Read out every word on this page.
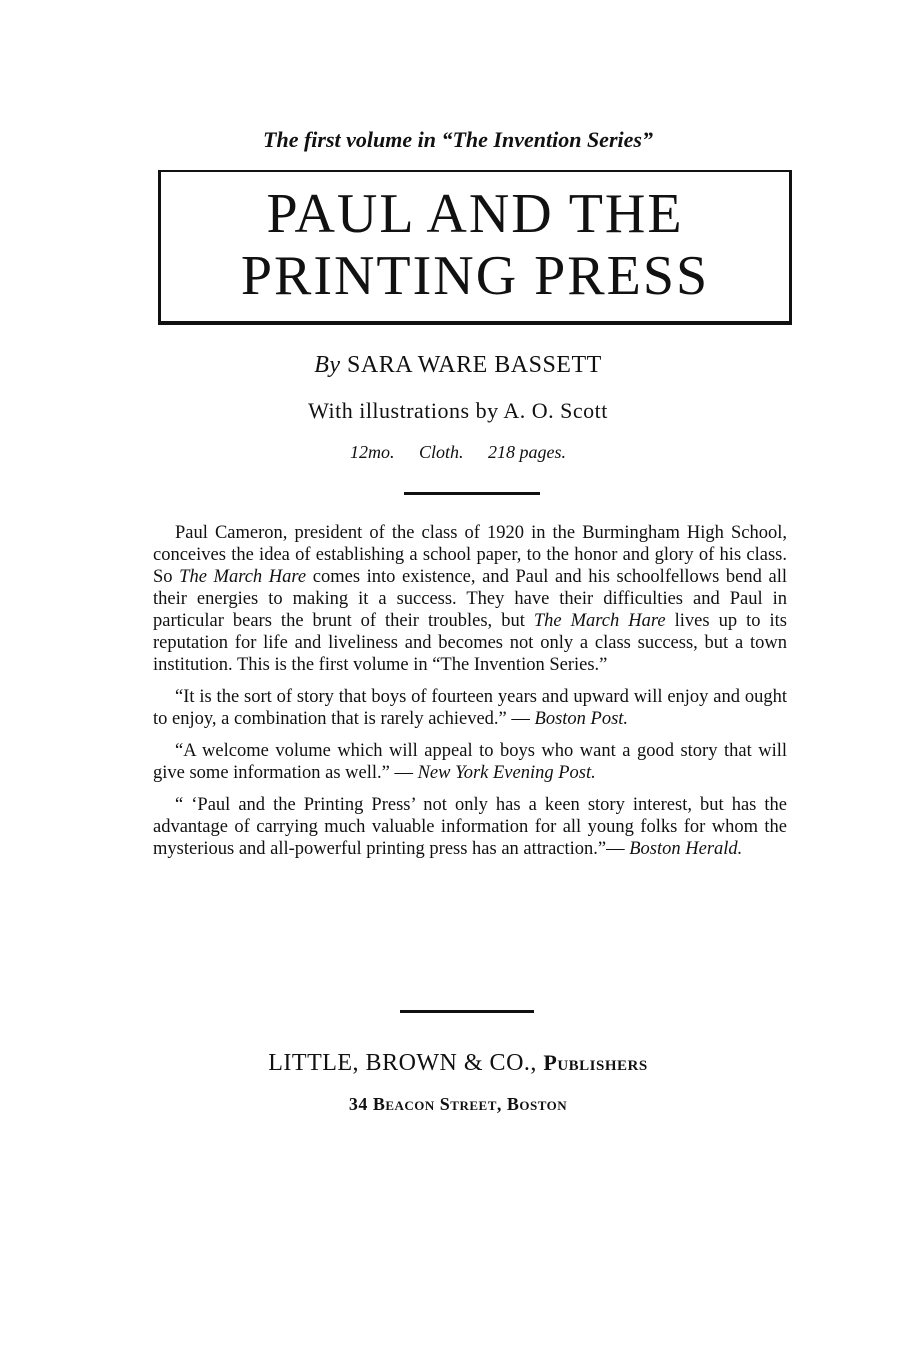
The first volume in “The Invention Series”
PAUL AND THE
PRINTING PRESS
By SARA WARE BASSETT
With illustrations by A. O. Scott
12mo. Cloth. 218 pages.

Paul Cameron, president of the class of 1920 in the Burmingham High School, conceives the idea of establishing a school paper, to the honor and glory of his class. So The March Hare comes into existence, and Paul and his schoolfellows bend all their energies to making it a success. They have their difficulties and Paul in particular bears the brunt of their troubles, but The March Hare lives up to its reputation for life and liveliness and becomes not only a class success, but a town institution. This is the first volume in “The Invention Series.”

“It is the sort of story that boys of fourteen years and upward will enjoy and ought to enjoy, a combination that is rarely achieved.” — Boston Post.

“A welcome volume which will appeal to boys who want a good story that will give some information as well.” — New York Evening Post.

“ ‘Paul and the Printing Press’ not only has a keen story interest, but has the advantage of carrying much valuable information for all young folks for whom the mysterious and all-powerful printing press has an attraction.”— Boston Herald.

LITTLE, BROWN & CO., Publishers
34 Beacon Street, Boston
